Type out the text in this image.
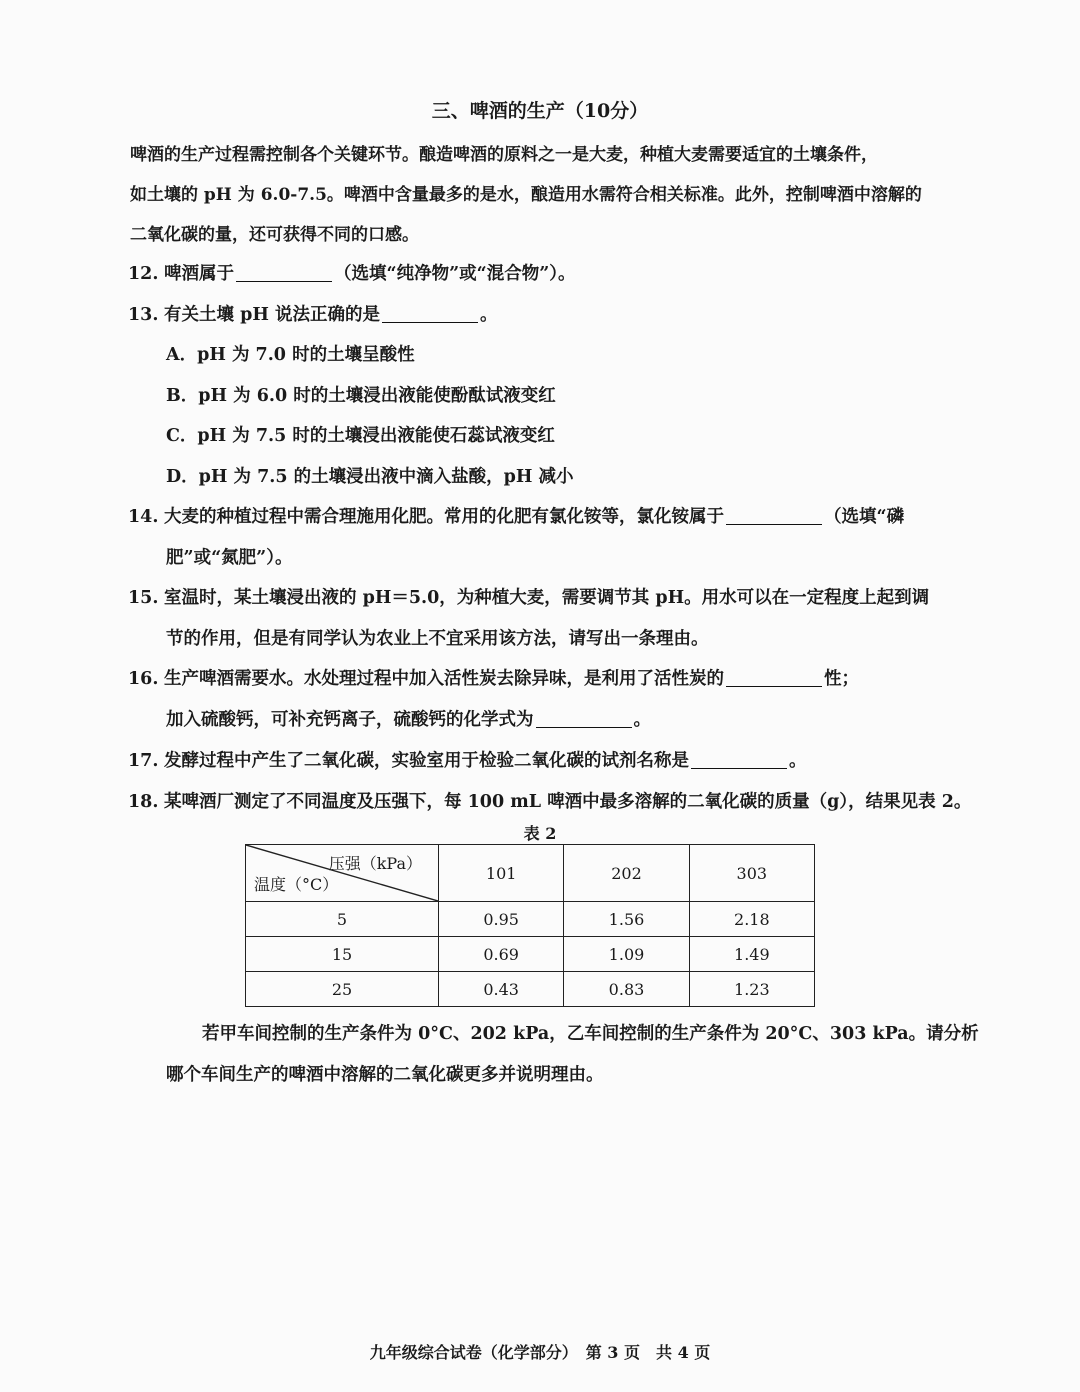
三、啤酒的生产（10分）
啤酒的生产过程需控制各个关键环节。酿造啤酒的原料之一是大麦，种植大麦需要适宜的土壤条件，
如土壤的 pH 为 6.0-7.5。啤酒中含量最多的是水，酿造用水需符合相关标准。此外，控制啤酒中溶解的
二氧化碳的量，还可获得不同的口感。
12. 啤酒属于	（选填“纯净物”或“混合物”）。
13. 有关土壤 pH 说法正确的是	。
A．pH 为 7.0 时的土壤呈酸性
B．pH 为 6.0 时的土壤浸出液能使酚酞试液变红
C．pH 为 7.5 时的土壤浸出液能使石蕊试液变红
D．pH 为 7.5 的土壤浸出液中滴入盐酸，pH 减小
14. 大麦的种植过程中需合理施用化肥。常用的化肥有氯化铵等，氯化铵属于	（选填“磷
肥”或“氮肥”）。
15. 室温时，某土壤浸出液的 pH＝5.0，为种植大麦，需要调节其 pH。用水可以在一定程度上起到调
节的作用，但是有同学认为农业上不宜采用该方法，请写出一条理由。
16. 生产啤酒需要水。水处理过程中加入活性炭去除异味，是利用了活性炭的	性；
加入硫酸钙，可补充钙离子，硫酸钙的化学式为	。
17. 发酵过程中产生了二氧化碳，实验室用于检验二氧化碳的试剂名称是	。
18. 某啤酒厂测定了不同温度及压强下，每 100 mL 啤酒中最多溶解的二氧化碳的质量（g），结果见表 2。
表 2
压强（kPa）
温度（°C）	101	202	303
5	0.95	1.56	2.18
15	0.69	1.09	1.49
25	0.43	0.83	1.23
若甲车间控制的生产条件为 0°C、202 kPa，乙车间控制的生产条件为 20°C、303 kPa。请分析
哪个车间生产的啤酒中溶解的二氧化碳更多并说明理由。
九年级综合试卷（化学部分）　第 3 页　共 4 页
